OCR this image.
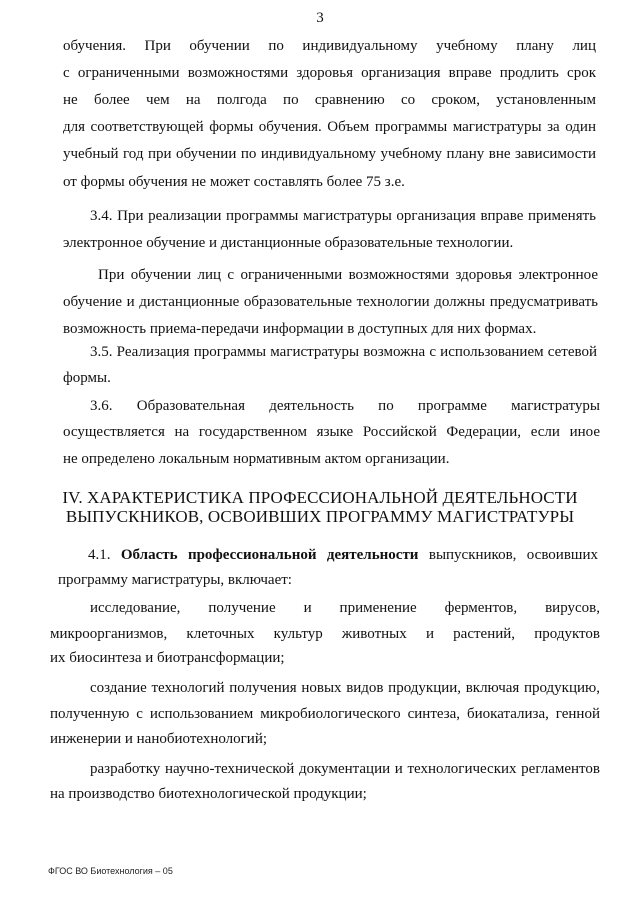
3
обучения. При обучении по индивидуальному учебному плану лиц
с ограниченными возможностями здоровья организация вправе продлить срок
не более чем на полгода по сравнению со сроком, установленным
для соответствующей формы обучения. Объем программы магистратуры за один
учебный год при обучении по индивидуальному учебному плану вне зависимости
от формы обучения не может составлять более 75 з.е.
3.4. При реализации программы магистратуры организация вправе применять
электронное обучение и дистанционные образовательные технологии.
При обучении лиц с ограниченными возможностями здоровья электронное
обучение и дистанционные образовательные технологии должны предусматривать
возможность приема-передачи информации в доступных для них формах.
3.5. Реализация программы магистратуры возможна с использованием сетевой
формы.
3.6. Образовательная деятельность по программе магистратуры
осуществляется на государственном языке Российской Федерации, если иное
не определено локальным нормативным актом организации.
IV. ХАРАКТЕРИСТИКА ПРОФЕССИОНАЛЬНОЙ ДЕЯТЕЛЬНОСТИ
ВЫПУСКНИКОВ, ОСВОИВШИХ ПРОГРАММУ МАГИСТРАТУРЫ
4.1. Область профессиональной деятельности выпускников, освоивших
программу магистратуры, включает:
исследование, получение и применение ферментов, вирусов,
микроорганизмов, клеточных культур животных и растений, продуктов
их биосинтеза и биотрансформации;
создание технологий получения новых видов продукции, включая продукцию,
полученную с использованием микробиологического синтеза, биокатализа, генной
инженерии и нанобиотехнологий;
разработку научно-технической документации и технологических регламентов
на производство биотехнологической продукции;
ФГОС ВО Биотехнология – 05
